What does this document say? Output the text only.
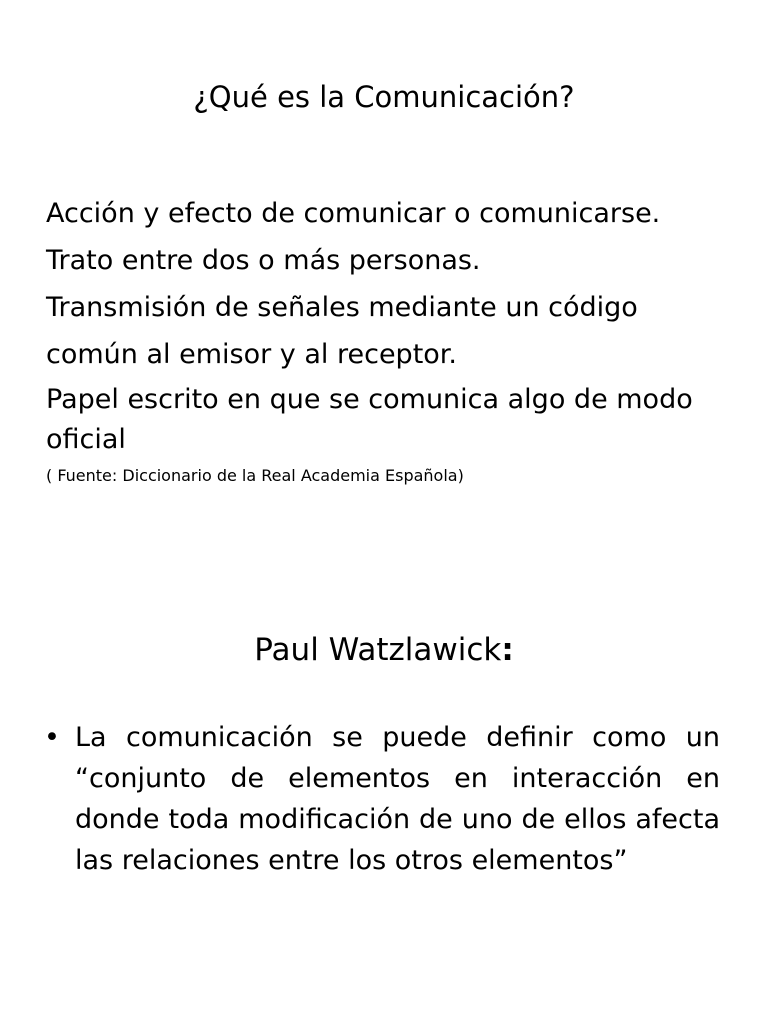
¿Qué es la Comunicación?
Acción y efecto de comunicar o comunicarse.
Trato entre dos o más personas.
Transmisión de señales mediante un código
común al emisor y al receptor.
Papel escrito en que se comunica algo de modo oficial
( Fuente: Diccionario de la Real Academia Española)
Paul Watzlawick:
• La comunicación se puede definir como un “conjunto de elementos en interacción en donde toda modificación de uno de ellos afecta las relaciones entre los otros elementos”
